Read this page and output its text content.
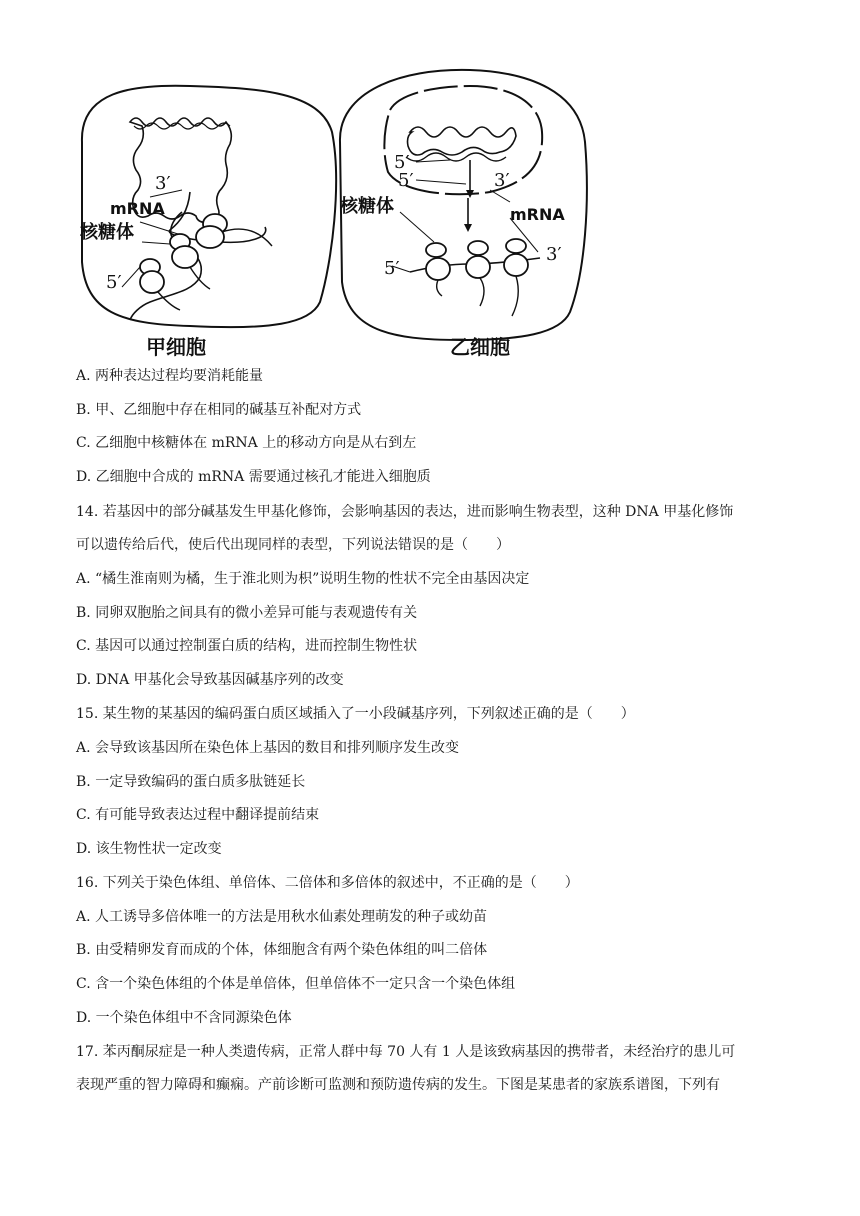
3′
mRNA
核糖体
5′
甲细胞
5′
5′	3′
核糖体	mRNA
5′
3′
乙细胞
A. 两种表达过程均要消耗能量
B. 甲、乙细胞中存在相同的碱基互补配对方式
C. 乙细胞中核糖体在 mRNA 上的移动方向是从右到左
D. 乙细胞中合成的 mRNA 需要通过核孔才能进入细胞质
14. 若基因中的部分碱基发生甲基化修饰，会影响基因的表达，进而影响生物表型，这种 DNA 甲基化修饰
可以遗传给后代，使后代出现同样的表型，下列说法错误的是（　　）
A. “橘生淮南则为橘，生于淮北则为枳”说明生物的性状不完全由基因决定
B. 同卵双胞胎之间具有的微小差异可能与表观遗传有关
C. 基因可以通过控制蛋白质的结构，进而控制生物性状
D. DNA 甲基化会导致基因碱基序列的改变
15. 某生物的某基因的编码蛋白质区域插入了一小段碱基序列，下列叙述正确的是（　　）
A. 会导致该基因所在染色体上基因的数目和排列顺序发生改变
B. 一定导致编码的蛋白质多肽链延长
C. 有可能导致表达过程中翻译提前结束
D. 该生物性状一定改变
16. 下列关于染色体组、单倍体、二倍体和多倍体的叙述中，不正确的是（　　）
A. 人工诱导多倍体唯一的方法是用秋水仙素处理萌发的种子或幼苗
B. 由受精卵发育而成的个体，体细胞含有两个染色体组的叫二倍体
C. 含一个染色体组的个体是单倍体，但单倍体不一定只含一个染色体组
D. 一个染色体组中不含同源染色体
17. 苯丙酮尿症是一种人类遗传病，正常人群中每 70 人有 1 人是该致病基因的携带者，未经治疗的患儿可
表现严重的智力障碍和癫痫。产前诊断可监测和预防遗传病的发生。下图是某患者的家族系谱图，下列有
